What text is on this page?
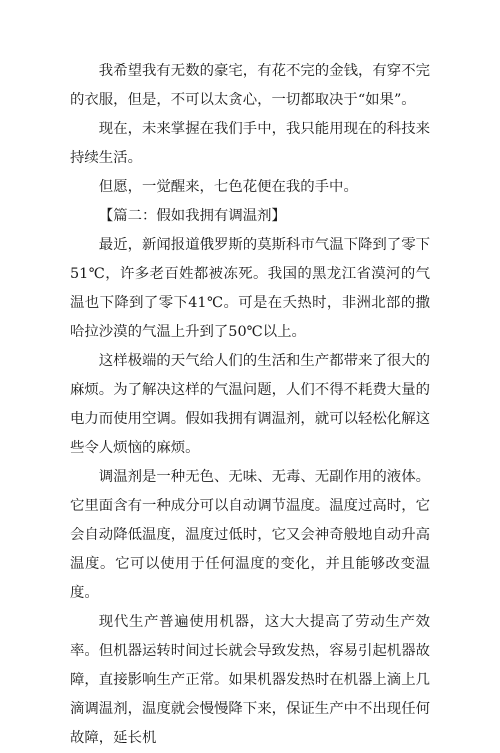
我希望我有无数的豪宅，有花不完的金钱，有穿不完的衣服，但是，不可以太贪心，一切都取决于“如果”。

现在，未来掌握在我们手中，我只能用现在的科技来持续生活。

但愿，一觉醒来，七色花便在我的手中。

【篇二：假如我拥有调温剂】

最近，新闻报道俄罗斯的莫斯科市气温下降到了零下51℃，许多老百姓都被冻死。我国的黑龙江省漠河的气温也下降到了零下41℃。可是在夭热时，非洲北部的撒哈拉沙漠的气温上升到了50℃以上。

这样极端的天气给人们的生活和生产都带来了很大的麻烦。为了解决这样的气温问题，人们不得不耗费大量的电力而使用空调。假如我拥有调温剂，就可以轻松化解这些令人烦恼的麻烦。

调温剂是一种无色、无味、无毒、无副作用的液体。它里面含有一种成分可以自动调节温度。温度过高时，它会自动降低温度，温度过低时，它又会神奇般地自动升高温度。它可以使用于任何温度的变化，并且能够改变温度。

现代生产普遍使用机器，这大大提高了劳动生产效率。但机器运转时间过长就会导致发热，容易引起机器故障，直接影响生产正常。如果机器发热时在机器上滴上几滴调温剂，温度就会慢慢降下来，保证生产中不出现任何故障，延长机
